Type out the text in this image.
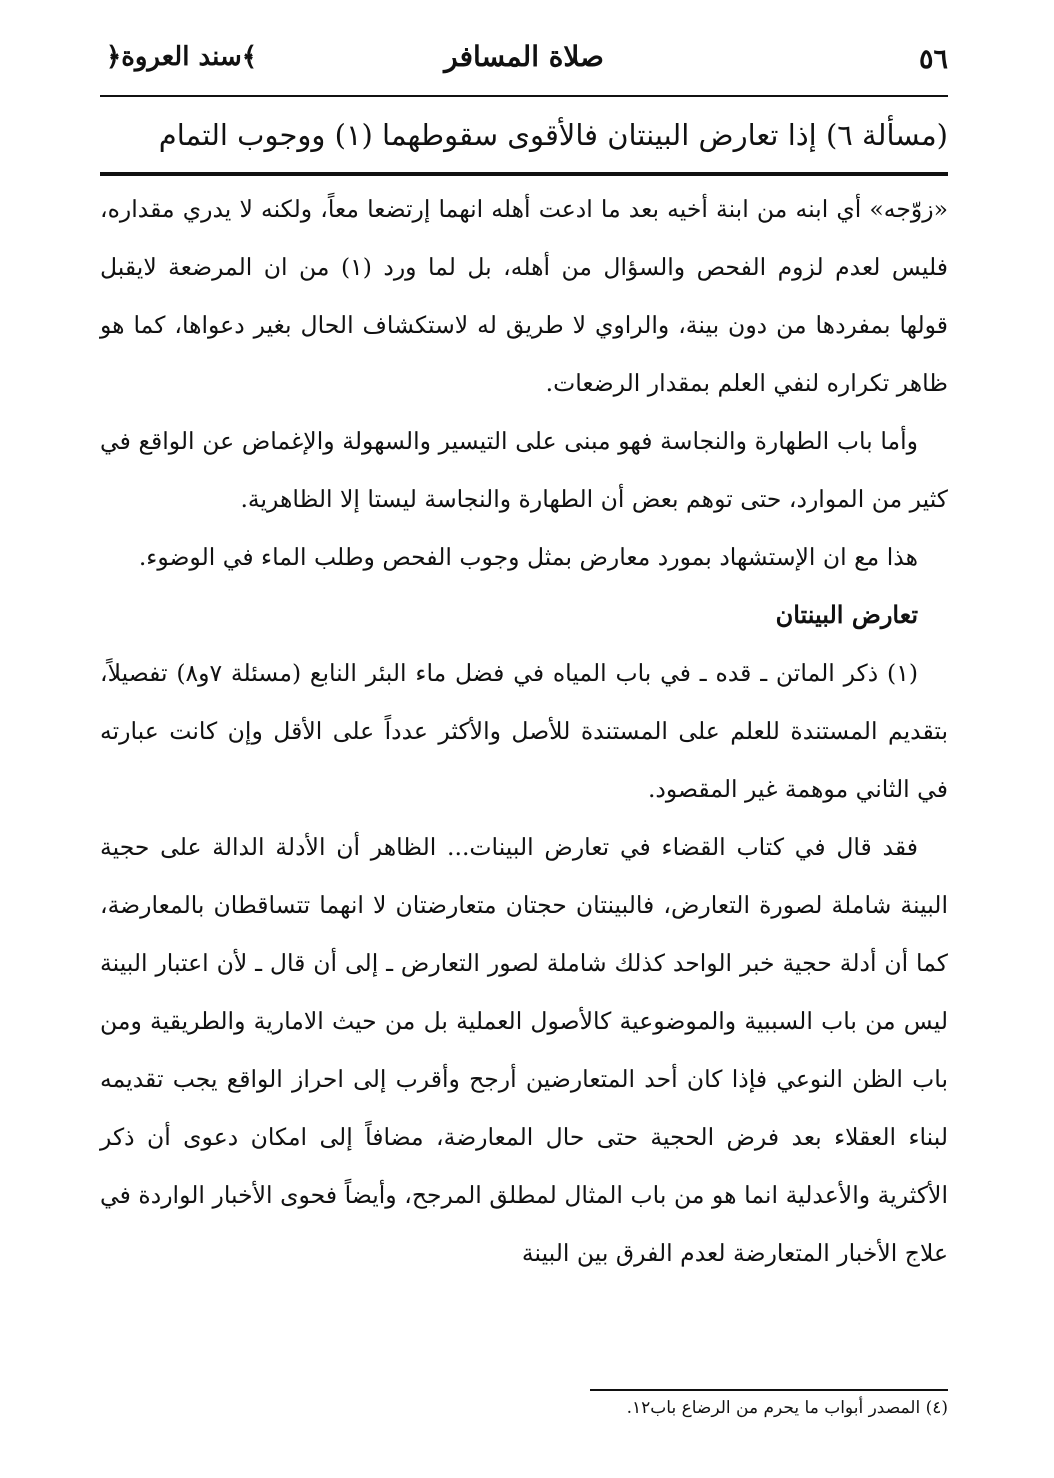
٥٦
صلاة المسافر
﴿سند العروة﴾
(مسألة ٦) إذا تعارض البينتان فالأقوى سقوطهما (١) ووجوب التمام

«زوّجه» أي ابنه من ابنة أخيه بعد ما ادعت أهله انهما إرتضعا معاً، ولكنه لا يدري مقداره، فليس لعدم لزوم الفحص والسؤال من أهله، بل لما ورد (١) من ان المرضعة لايقبل قولها بمفردها من دون بينة، والراوي لا طريق له لاستكشاف الحال بغير دعواها، كما هو ظاهر تكراره لنفي العلم بمقدار الرضعات.

وأما باب الطهارة والنجاسة فهو مبنى على التيسير والسهولة والإغماض عن الواقع في كثير من الموارد، حتى توهم بعض أن الطهارة والنجاسة ليستا إلا الظاهرية.

هذا مع ان الإستشهاد بمورد معارض بمثل وجوب الفحص وطلب الماء في الوضوء.

تعارض البينتان

(١) ذكر الماتن ـ قده ـ في باب المياه في فضل ماء البئر النابع (مسئلة ٧و٨) تفصيلاً، بتقديم المستندة للعلم على المستندة للأصل والأكثر عدداً على الأقل وإن كانت عبارته في الثاني موهمة غير المقصود.

فقد قال في كتاب القضاء في تعارض البينات... الظاهر أن الأدلة الدالة على حجية البينة شاملة لصورة التعارض، فالبينتان حجتان متعارضتان لا انهما تتساقطان بالمعارضة، كما أن أدلة حجية خبر الواحد كذلك شاملة لصور التعارض ـ إلى أن قال ـ لأن اعتبار البينة ليس من باب السببية والموضوعية كالأصول العملية بل من حيث الامارية والطريقية ومن باب الظن النوعي فإذا كان أحد المتعارضين أرجح وأقرب إلى احراز الواقع يجب تقديمه لبناء العقلاء بعد فرض الحجية حتى حال المعارضة، مضافاً إلى امكان دعوى أن ذكر الأكثرية والأعدلية انما هو من باب المثال لمطلق المرجح، وأيضاً فحوى الأخبار الواردة في علاج الأخبار المتعارضة لعدم الفرق بين البينة

(٤) المصدر أبواب ما يحرم من الرضاع باب١٢.
